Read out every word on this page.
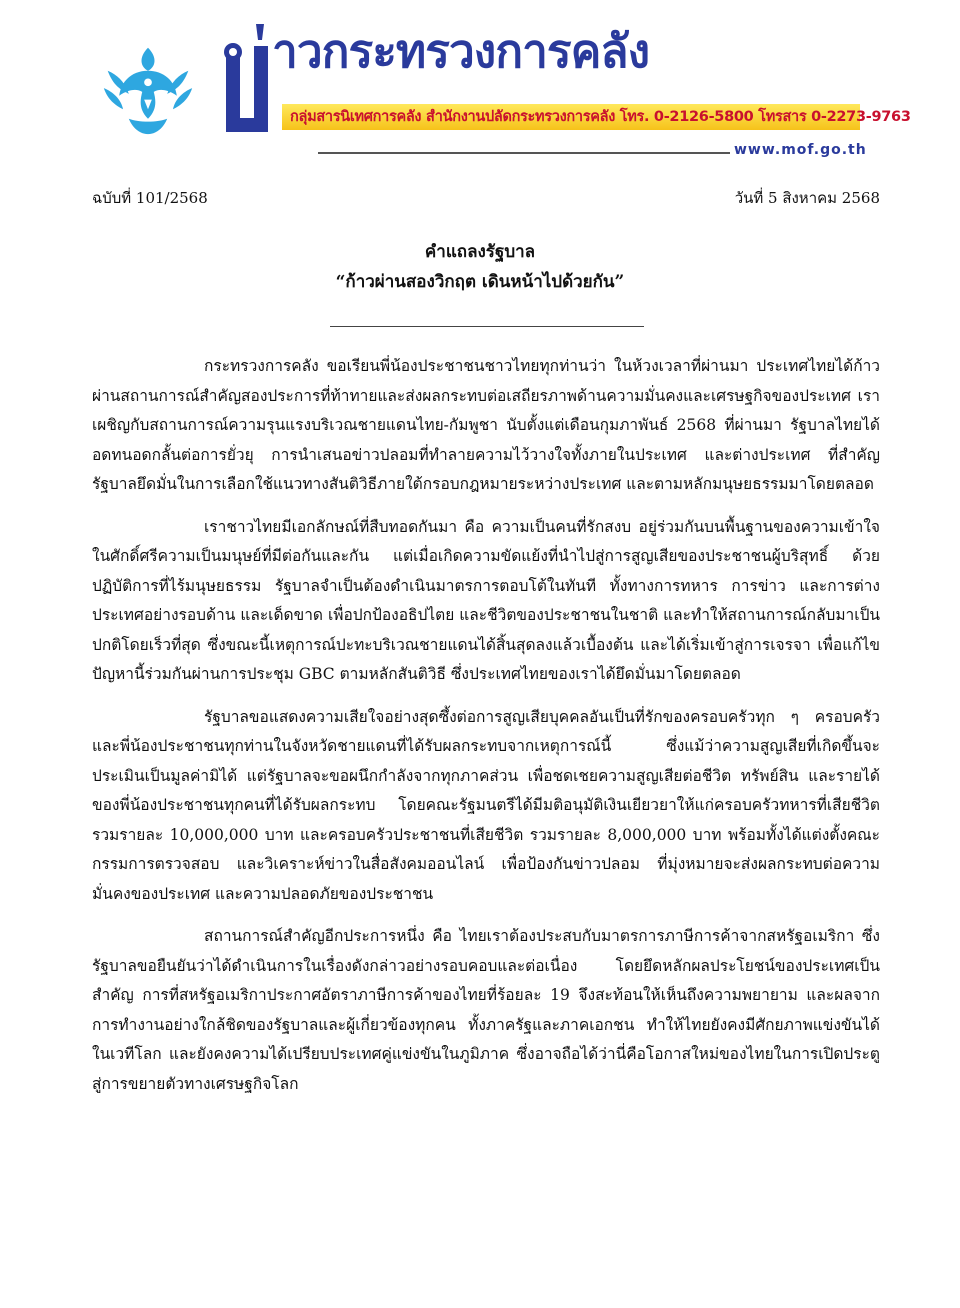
าวกระทรวงการคลัง
กลุ่มสารนิเทศการคลัง สำนักงานปลัดกระทรวงการคลัง โทร. 0-2126-5800 โทรสาร 0-2273-9763
www.mof.go.th
ฉบับที่ 101/2568	วันที่ 5 สิงหาคม 2568
คำแถลงรัฐบาล
“ก้าวผ่านสองวิกฤต เดินหน้าไปด้วยกัน”

กระทรวงการคลัง ขอเรียนพี่น้องประชาชนชาวไทยทุกท่านว่า ในห้วงเวลาที่ผ่านมา ประเทศไทยได้ก้าวผ่านสถานการณ์สำคัญสองประการที่ท้าทายและส่งผลกระทบต่อเสถียรภาพด้านความมั่นคงและเศรษฐกิจของประเทศ เราเผชิญกับสถานการณ์ความรุนแรงบริเวณชายแดนไทย-กัมพูชา นับตั้งแต่เดือนกุมภาพันธ์ 2568 ที่ผ่านมา รัฐบาลไทยได้อดทนอดกลั้นต่อการยั่วยุ การนำเสนอข่าวปลอมที่ทำลายความไว้วางใจทั้งภายในประเทศ และต่างประเทศ ที่สำคัญ รัฐบาลยึดมั่นในการเลือกใช้แนวทางสันติวิธีภายใต้กรอบกฎหมายระหว่างประเทศ และตามหลักมนุษยธรรมมาโดยตลอด

เราชาวไทยมีเอกลักษณ์ที่สืบทอดกันมา คือ ความเป็นคนที่รักสงบ อยู่ร่วมกันบนพื้นฐานของความเข้าใจในศักดิ์ศรีความเป็นมนุษย์ที่มีต่อกันและกัน แต่เมื่อเกิดความขัดแย้งที่นำไปสู่การสูญเสียของประชาชนผู้บริสุทธิ์ ด้วยปฏิบัติการที่ไร้มนุษยธรรม รัฐบาลจำเป็นต้องดำเนินมาตรการตอบโต้ในทันที ทั้งทางการทหาร การข่าว และการต่างประเทศอย่างรอบด้าน และเด็ดขาด เพื่อปกป้องอธิปไตย และชีวิตของประชาชนในชาติ และทำให้สถานการณ์กลับมาเป็นปกติโดยเร็วที่สุด ซึ่งขณะนี้เหตุการณ์ปะทะบริเวณชายแดนได้สิ้นสุดลงแล้วเบื้องต้น และได้เริ่มเข้าสู่การเจรจา เพื่อแก้ไขปัญหานี้ร่วมกันผ่านการประชุม GBC ตามหลักสันติวิธี ซึ่งประเทศไทยของเราได้ยึดมั่นมาโดยตลอด

รัฐบาลขอแสดงความเสียใจอย่างสุดซึ้งต่อการสูญเสียบุคคลอันเป็นที่รักของครอบครัวทุก ๆ ครอบครัว และพี่น้องประชาชนทุกท่านในจังหวัดชายแดนที่ได้รับผลกระทบจากเหตุการณ์นี้ ซึ่งแม้ว่าความสูญเสียที่เกิดขึ้นจะประเมินเป็นมูลค่ามิได้ แต่รัฐบาลจะขอผนึกกำลังจากทุกภาคส่วน เพื่อชดเชยความสูญเสียต่อชีวิต ทรัพย์สิน และรายได้ของพี่น้องประชาชนทุกคนที่ได้รับผลกระทบ โดยคณะรัฐมนตรีได้มีมติอนุมัติเงินเยียวยาให้แก่ครอบครัวทหารที่เสียชีวิต รวมรายละ 10,000,000 บาท และครอบครัวประชาชนที่เสียชีวิต รวมรายละ 8,000,000 บาท พร้อมทั้งได้แต่งตั้งคณะกรรมการตรวจสอบ และวิเคราะห์ข่าวในสื่อสังคมออนไลน์ เพื่อป้องกันข่าวปลอม ที่มุ่งหมายจะส่งผลกระทบต่อความมั่นคงของประเทศ และความปลอดภัยของประชาชน

สถานการณ์สำคัญอีกประการหนึ่ง คือ ไทยเราต้องประสบกับมาตรการภาษีการค้าจากสหรัฐอเมริกา ซึ่งรัฐบาลขอยืนยันว่าได้ดำเนินการในเรื่องดังกล่าวอย่างรอบคอบและต่อเนื่อง โดยยึดหลักผลประโยชน์ของประเทศเป็นสำคัญ การที่สหรัฐอเมริกาประกาศอัตราภาษีการค้าของไทยที่ร้อยละ 19 จึงสะท้อนให้เห็นถึงความพยายาม และผลจากการทำงานอย่างใกล้ชิดของรัฐบาลและผู้เกี่ยวข้องทุกคน ทั้งภาครัฐและภาคเอกชน ทำให้ไทยยังคงมีศักยภาพแข่งขันได้ในเวทีโลก และยังคงความได้เปรียบประเทศคู่แข่งขันในภูมิภาค ซึ่งอาจถือได้ว่านี่คือโอกาสใหม่ของไทยในการเปิดประตูสู่การขยายตัวทางเศรษฐกิจโลก
